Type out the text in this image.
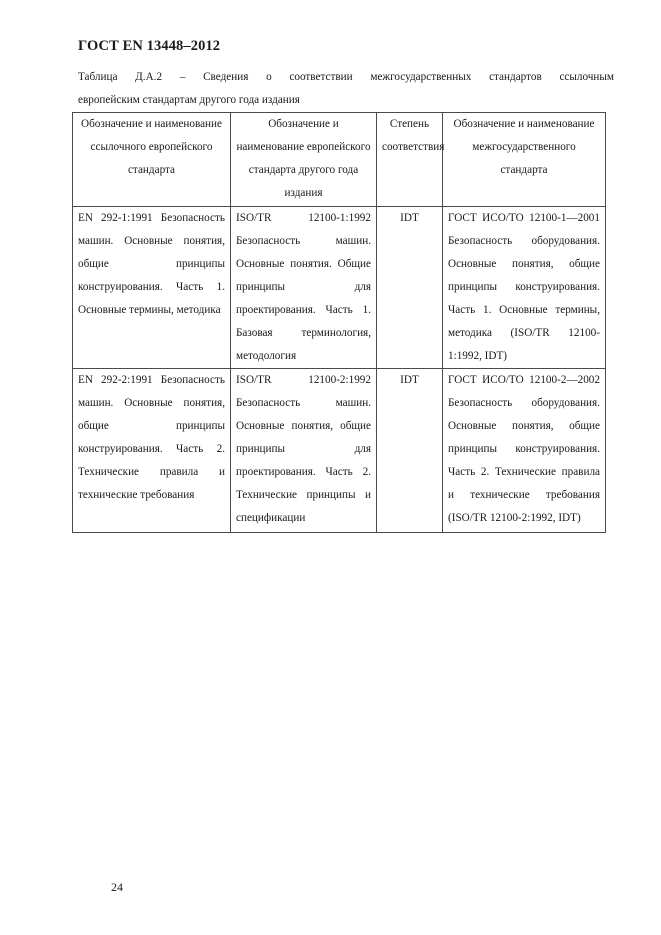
ГОСТ EN 13448–2012
Таблица Д.А.2 – Сведения о соответствии межгосударственных стандартов ссылочным
европейским стандартам другого года издания
Обозначение и наименование ссылочного европейского стандарта	Обозначение и наименование европейского стандарта другого года издания	Степень соответствия	Обозначение и наименование межгосударственного стандарта
EN 292-1:1991 Безопасность машин. Основные понятия, общие принципы конструирования. Часть 1. Основные термины, методика	ISO/TR 12100-1:1992 Безопасность машин. Основные понятия. Общие принципы для проектирования. Часть 1. Базовая терминология, методология	IDT	ГОСТ ИСО/ТО 12100-1—2001 Безопасность оборудования. Основные понятия, общие принципы конструирования. Часть 1. Основные термины, методика (ISO/TR 12100-1:1992, IDT)
EN 292-2:1991 Безопасность машин. Основные понятия, общие принципы конструирования. Часть 2. Технические правила и технические требования	ISO/TR 12100-2:1992 Безопасность машин. Основные понятия, общие принципы для проектирования. Часть 2. Технические принципы и спецификации	IDT	ГОСТ ИСО/ТО 12100-2—2002 Безопасность оборудования. Основные понятия, общие принципы конструирования. Часть 2. Технические правила и технические требования (ISO/TR 12100-2:1992, IDT)
24
